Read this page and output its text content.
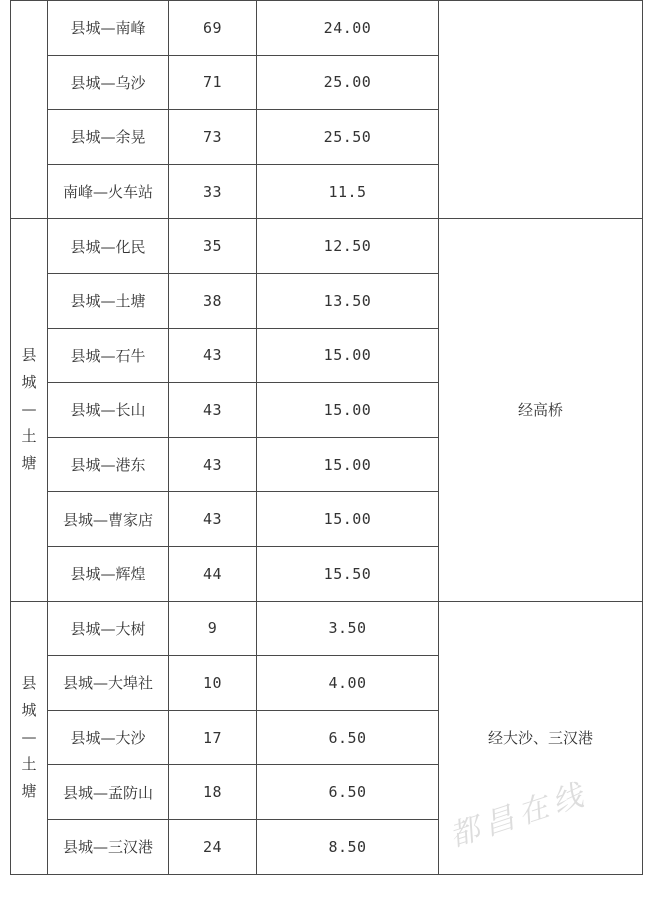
	县城—南峰	69	24.00	
	县城—乌沙	71	25.00	
	县城—余晃	73	25.50	
	南峰—火车站	33	11.5	

县
城
—
土
塘	县城—化民	35	12.50	经高桥
	县城—土塘	38	13.50	
	县城—石牛	43	15.00	
	县城—长山	43	15.00	
	县城—港东	43	15.00	
	县城—曹家店	43	15.00	
	县城—辉煌	44	15.50	

县
城
—
土
塘	县城—大树	9	3.50	经大沙、三汉港
	县城—大埠社	10	4.00	
	县城—大沙	17	6.50	
	县城—孟防山	18	6.50	
	县城—三汉港	24	8.50		都昌在线
